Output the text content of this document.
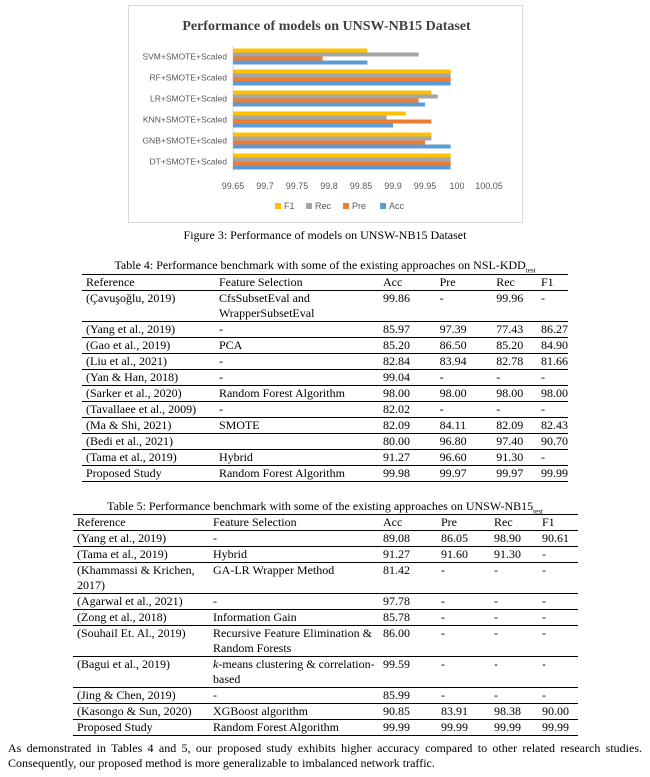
Performance of models on UNSW-NB15 Dataset
SVM+SMOTE+Scaled
RF+SMOTE+Scaled
LR+SMOTE+Scaled
KNN+SMOTE+Scaled
GNB+SMOTE+Scaled
DT+SMOTE+Scaled
99.65 99.7 99.75 99.8 99.85 99.9 99.95 100 100.05
F1 Rec Pre	Acc
Figure 3: Performance of models on UNSW-NB15 Dataset
Table 4: Performance benchmark with some of the existing approaches on NSL-$KDD_{test}$
Reference	Feature Selection	Acc	Pre	Rec	F1
(Çavuşoğlu, 2019)	CfsSubsetEval and WrapperSubsetEval	99.86	-	99.96	-
(Yang et al., 2019)	-	85.97	97.39	77.43	86.27
(Gao et al., 2019)	PCA	85.20	86.50	85.20	84.90
(Liu et al., 2021)	-	82.84	83.94	82.78	81.66
(Yan & Han, 2018)	-	99.04	-	-	-
(Sarker et al., 2020)	Random Forest Algorithm	98.00	98.00	98.00	98.00
(Tavallaee et al., 2009)	-	82.02	-	-	-
(Ma & Shi, 2021)	SMOTE	82.09	84.11	82.09	82.43
(Bedi et al., 2021)		80.00	96.80	97.40	90.70
(Tama et al., 2019)	Hybrid	91.27	96.60	91.30	-
Proposed Study	Random Forest Algorithm	99.98	99.97	99.97	99.99
Table 5: Performance benchmark with some of the existing approaches on UNSW-$NB15_{test}$
Reference	Feature Selection	Acc	Pre	Rec	F1
(Yang et al., 2019)	-	89.08	86.05	98.90	90.61
(Tama et al., 2019)	Hybrid	91.27	91.60	91.30	-
(Khammassi & Krichen, 2017)	GA-LR Wrapper Method	81.42	-	-	-
(Agarwal et al., 2021)	-	97.78	-	-	-
(Zong et al., 2018)	Information Gain	85.78	-	-	-
(Souhail Et. Al., 2019)	Recursive Feature Elimination & Random Forests	86.00	-	-	-
(Bagui et al., 2019)	k-means clustering & correlation-based	99.59	-	-	-
(Jing & Chen, 2019)	-	85.99	-	-	-
(Kasongo & Sun, 2020)	XGBoost algorithm	90.85	83.91	98.38	90.00
Proposed Study	Random Forest Algorithm	99.99	99.99	99.99	99.99
As demonstrated in Tables 4 and 5, our proposed study exhibits higher accuracy compared to other related research studies. Consequently, our proposed method is more generalizable to imbalanced network traffic.
